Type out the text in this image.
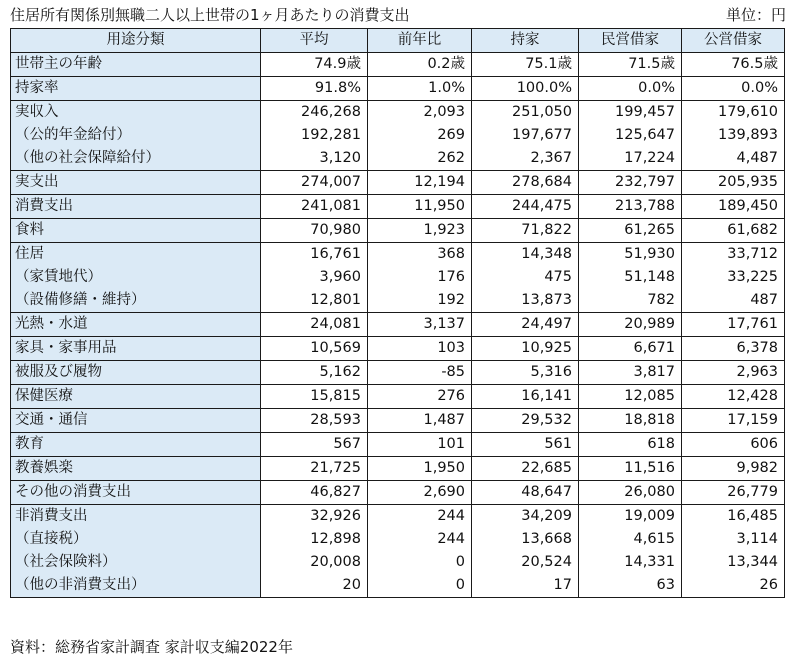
住居所有関係別無職二人以上世帯の1ヶ月あたりの消費支出	単位：円
用途分類	平均	前年比	持家	民営借家	公営借家
世帯主の年齢	74.9歳	0.2歳	75.1歳	71.5歳	76.5歳
持家率	91.8%	1.0%	100.0%	0.0%	0.0%
実収入	246,268	2,093	251,050	199,457	179,610
（公的年金給付）	192,281	269	197,677	125,647	139,893
（他の社会保障給付）	3,120	262	2,367	17,224	4,487
実支出	274,007	12,194	278,684	232,797	205,935
消費支出	241,081	11,950	244,475	213,788	189,450
食料	70,980	1,923	71,822	61,265	61,682
住居	16,761	368	14,348	51,930	33,712
（家賃地代）	3,960	176	475	51,148	33,225
（設備修繕・維持）	12,801	192	13,873	782	487
光熱・水道	24,081	3,137	24,497	20,989	17,761
家具・家事用品	10,569	103	10,925	6,671	6,378
被服及び履物	5,162	-85	5,316	3,817	2,963
保健医療	15,815	276	16,141	12,085	12,428
交通・通信	28,593	1,487	29,532	18,818	17,159
教育	567	101	561	618	606
教養娯楽	21,725	1,950	22,685	11,516	9,982
その他の消費支出	46,827	2,690	48,647	26,080	26,779
非消費支出	32,926	244	34,209	19,009	16,485
（直接税）	12,898	244	13,668	4,615	3,114
（社会保険料）	20,008	0	20,524	14,331	13,344
（他の非消費支出）	20	0	17	63	26
資料：総務省家計調査 家計収支編2022年
